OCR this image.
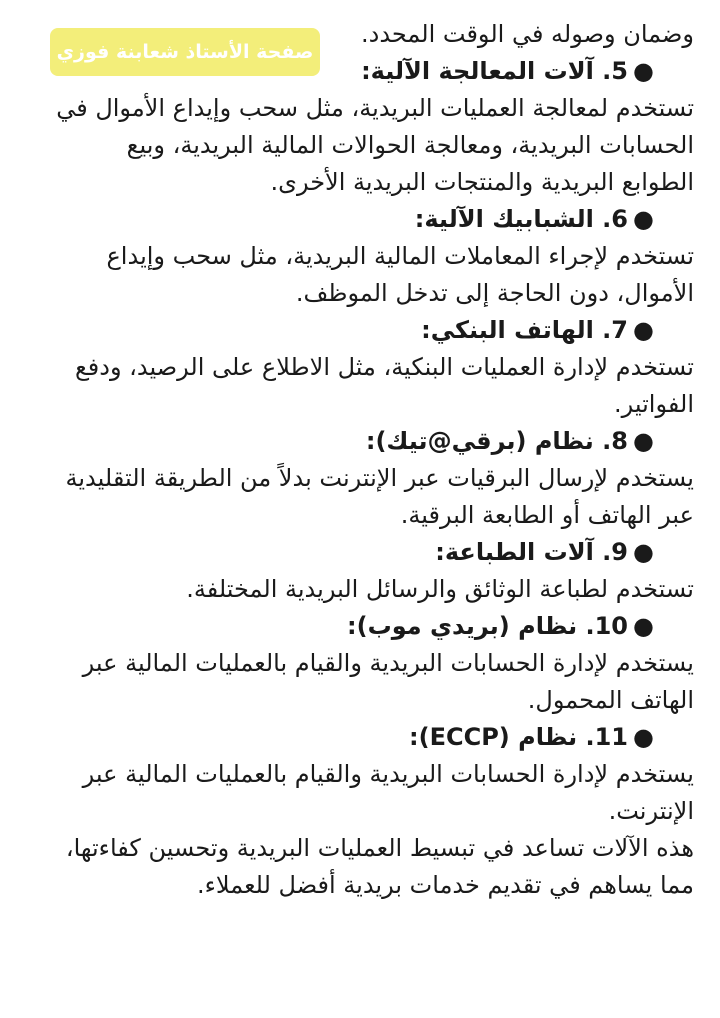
صفحة الأستاذ شعابنة فوزي

وضمان وصوله في الوقت المحدد.

●5. آلات المعالجة الآلية:

تستخدم لمعالجة العمليات البريدية، مثل سحب وإيداع الأموال في

الحسابات البريدية، ومعالجة الحوالات المالية البريدية، وبيع

الطوابع البريدية والمنتجات البريدية الأخرى.

●6. الشبابيك الآلية:

تستخدم لإجراء المعاملات المالية البريدية، مثل سحب وإيداع

الأموال، دون الحاجة إلى تدخل الموظف.

●7. الهاتف البنكي:

تستخدم لإدارة العمليات البنكية، مثل الاطلاع على الرصيد، ودفع

الفواتير.

●8. نظام (برقي@تيك):

يستخدم لإرسال البرقيات عبر الإنترنت بدلاً من الطريقة التقليدية

عبر الهاتف أو الطابعة البرقية.

●9. آلات الطباعة:

تستخدم لطباعة الوثائق والرسائل البريدية المختلفة.

●10. نظام (بريدي موب):

يستخدم لإدارة الحسابات البريدية والقيام بالعمليات المالية عبر

الهاتف المحمول.

●11. نظام (ECCP):

يستخدم لإدارة الحسابات البريدية والقيام بالعمليات المالية عبر

الإنترنت.

هذه الآلات تساعد في تبسيط العمليات البريدية وتحسين كفاءتها،

مما يساهم في تقديم خدمات بريدية أفضل للعملاء.
